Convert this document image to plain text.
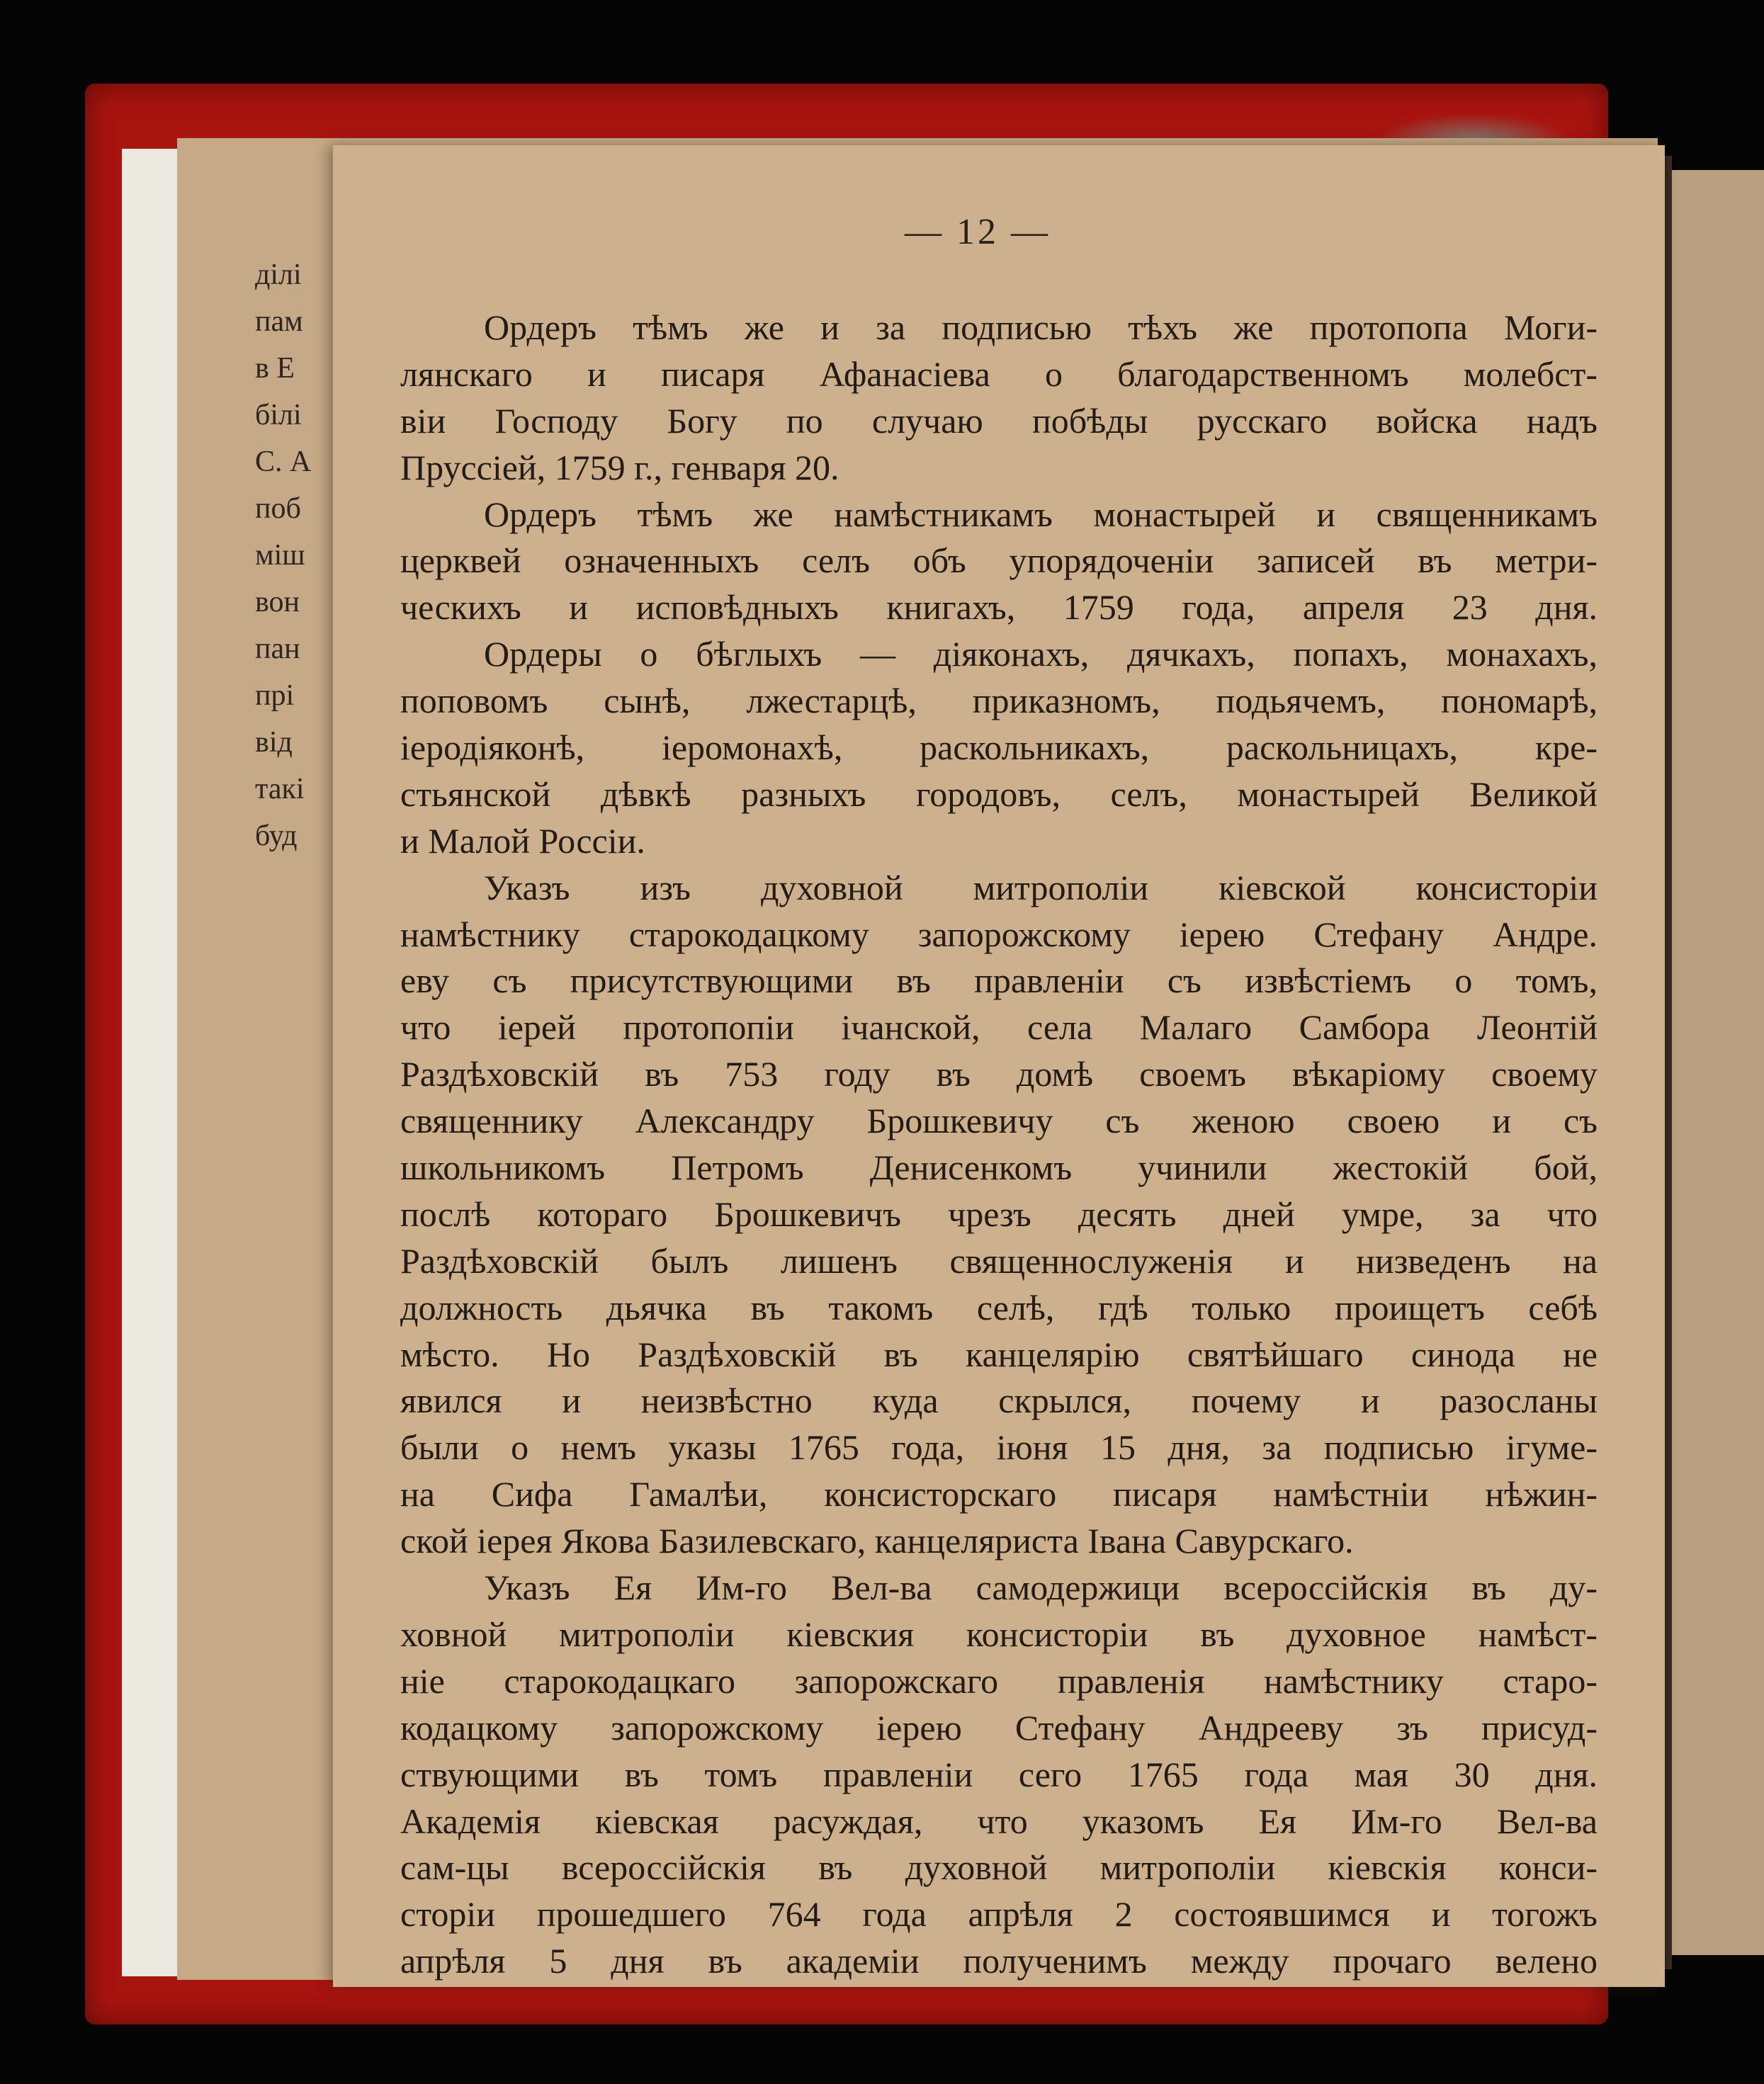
ділі
пам
в Е
білі
С. А
поб
міш
вон
пан
прі
від
такі
буд
— 12 —
Ордеръ тѣмъ же и за подписью тѣхъ же протопопа Моги-
лянскаго и писаря Афанасіева о благодарственномъ молебст-
віи Господу Богу по случаю побѣды русскаго войска надъ
Пруссіей, 1759 г., генваря 20.
Ордеръ тѣмъ же намѣстникамъ монастырей и священникамъ
церквей означенныхъ селъ объ упорядоченіи записей въ метри-
ческихъ и исповѣдныхъ книгахъ, 1759 года, апреля 23 дня.
Ордеры о бѣглыхъ — діяконахъ, дячкахъ, попахъ, монахахъ,
поповомъ сынѣ, лжестарцѣ, приказномъ, подьячемъ, пономарѣ,
іеродіяконѣ, іеромонахѣ, раскольникахъ, раскольницахъ, кре-
стьянской дѣвкѣ разныхъ городовъ, селъ, монастырей Великой
и Малой Россіи.
Указъ изъ духовной митрополіи кіевской консисторіи
намѣстнику старокодацкому запорожскому іерею Стефану Андре.
еву съ присутствующими въ правленіи съ извѣстіемъ о томъ,
что іерей протопопіи ічанской, села Малаго Самбора Леонтій
Раздѣховскій въ 753 году въ домѣ своемъ вѣкаріому своему
священнику Александру Брошкевичу съ женою своею и съ
школьникомъ Петромъ Денисенкомъ учинили жестокій бой,
послѣ котораго Брошкевичъ чрезъ десять дней умре, за что
Раздѣховскій былъ лишенъ священнослуженія и низведенъ на
должность дьячка въ такомъ селѣ, гдѣ только проищетъ себѣ
мѣсто. Но Раздѣховскій въ канцелярію святѣйшаго синода не
явился и неизвѣстно куда скрылся, почему и разосланы
были о немъ указы 1765 года, іюня 15 дня, за подписью ігуме-
на Сифа Гамалѣи, консисторскаго писаря намѣстніи нѣжин-
ской іерея Якова Базилевскаго, канцеляриста Івана Савурскаго.
Указъ Ея Им-го Вел-ва самодержици всероссійскія въ ду-
ховной митрополіи кіевския консисторіи въ духовное намѣст-
ніе старокодацкаго запорожскаго правленія намѣстнику старо-
кодацкому запорожскому іерею Стефану Андрееву зъ присуд-
ствующими въ томъ правленіи сего 1765 года мая 30 дня.
Академія кіевская расуждая, что указомъ Ея Им-го Вел-ва
сам-цы всероссійскія въ духовной митрополіи кіевскія конси-
сторіи прошедшего 764 года апрѣля 2 состоявшимся и тогожъ
апрѣля 5 дня въ академіи полученимъ между прочаго велено
